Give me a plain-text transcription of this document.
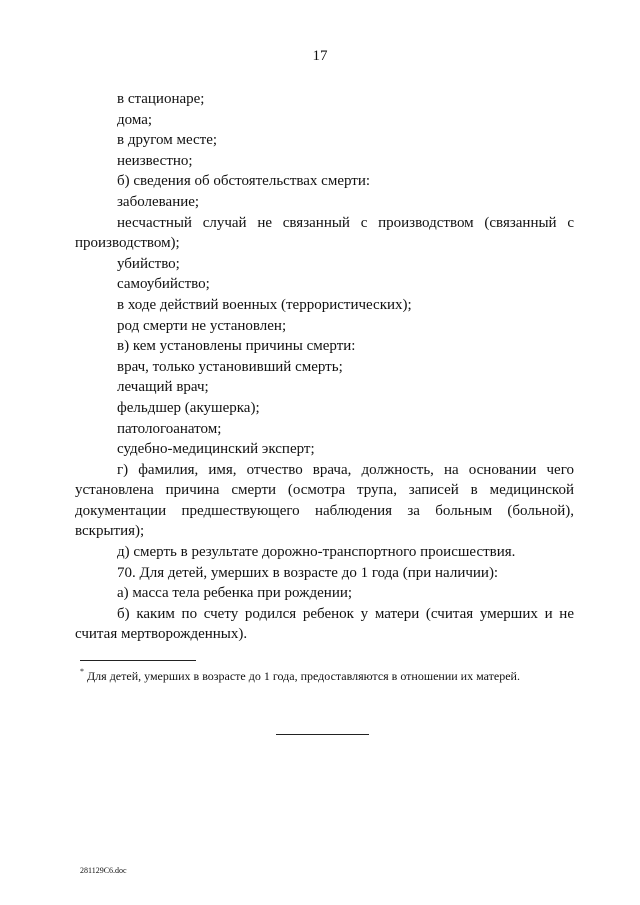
17
в стационаре;
дома;
в другом месте;
неизвестно;
б) сведения об обстоятельствах смерти:
заболевание;
несчастный случай не связанный с производством (связанный с производством);
убийство;
самоубийство;
в ходе действий военных (террористических);
род смерти не установлен;
в) кем установлены причины смерти:
врач, только установивший смерть;
лечащий врач;
фельдшер (акушерка);
патологоанатом;
судебно-медицинский эксперт;
г) фамилия, имя, отчество врача, должность, на основании чего установлена причина смерти (осмотра трупа, записей в медицинской документации предшествующего наблюдения за больным (больной), вскрытия);
д) смерть в результате дорожно-транспортного происшествия.
70. Для детей, умерших в возрасте до 1 года (при наличии):
а) масса тела ребенка при рождении;
б) каким по счету родился ребенок у матери (считая умерших и не считая мертворожденных).
* Для детей, умерших в возрасте до 1 года, предоставляются в отношении их матерей.
281129C6.doc
